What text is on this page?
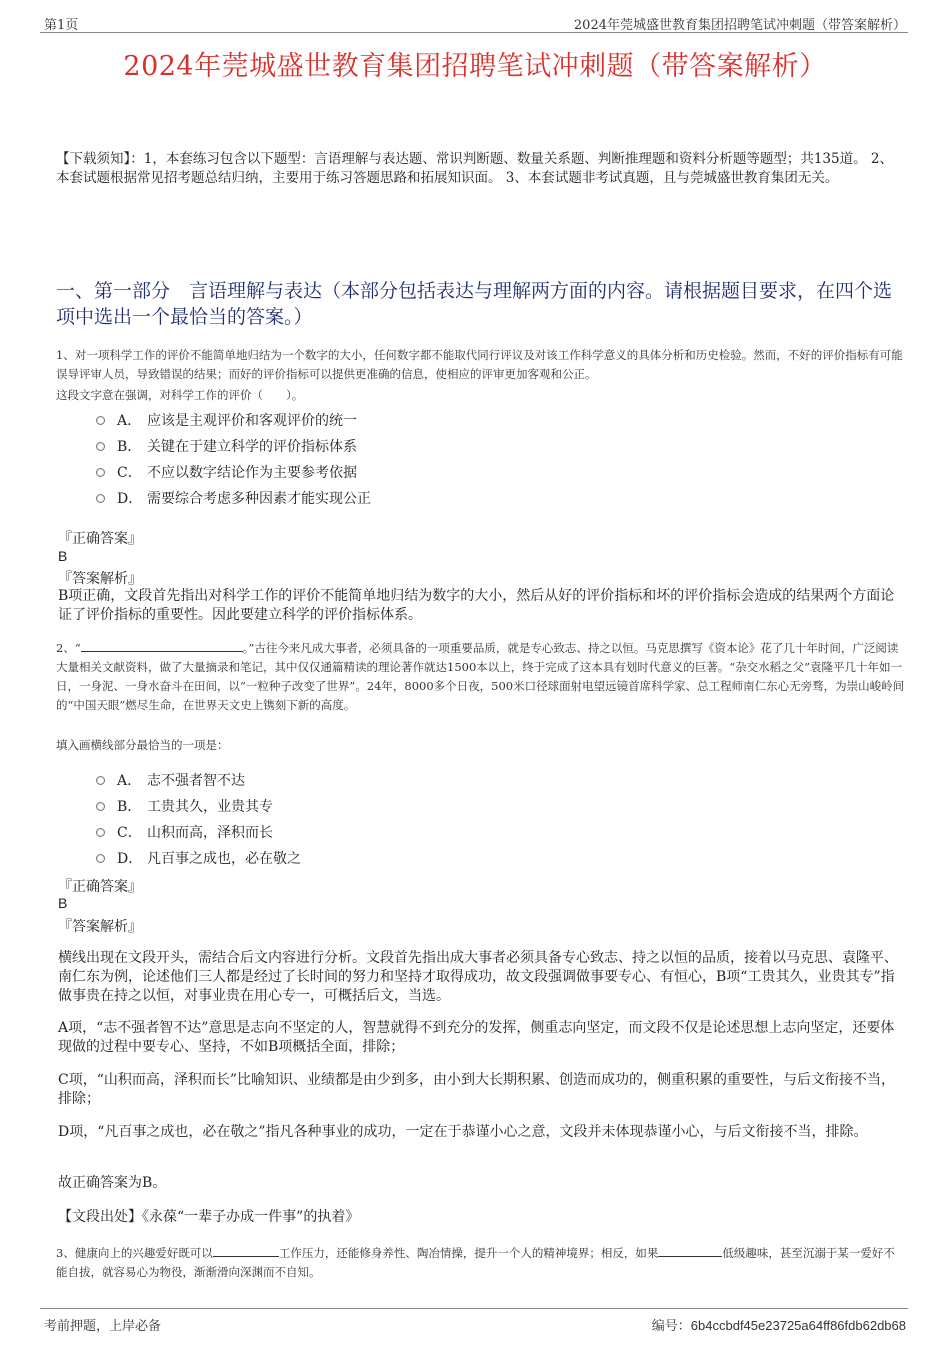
第1页	2024年莞城盛世教育集团招聘笔试冲刺题（带答案解析）
2024年莞城盛世教育集团招聘笔试冲刺题（带答案解析）
【下载须知】：1，本套练习包含以下题型：言语理解与表达题、常识判断题、数量关系题、判断推理题和资料分析题等题型；共135道。 2、本套试题根据常见招考题总结归纳，主要用于练习答题思路和拓展知识面。 3、本套试题非考试真题，且与莞城盛世教育集团无关。
一、第一部分　言语理解与表达（本部分包括表达与理解两方面的内容。请根据题目要求，在四个选项中选出一个最恰当的答案。）
1、对一项科学工作的评价不能简单地归结为一个数字的大小，任何数字都不能取代同行评议及对该工作科学意义的具体分析和历史检验。然而，不好的评价指标有可能误导评审人员，导致错误的结果；而好的评价指标可以提供更准确的信息，使相应的评审更加客观和公正。
这段文字意在强调，对科学工作的评价（　　）。
A． 应该是主观评价和客观评价的统一
B． 关键在于建立科学的评价指标体系
C． 不应以数字结论作为主要参考依据
D． 需要综合考虑多种因素才能实现公正
『正确答案』
B
『答案解析』
B项正确，文段首先指出对科学工作的评价不能简单地归结为数字的大小，然后从好的评价指标和坏的评价指标会造成的结果两个方面论证了评价指标的重要性。因此要建立科学的评价指标体系。
2、“	。”古往今来凡成大事者，必须具备的一项重要品质，就是专心致志、持之以恒。马克思撰写《资本论》花了几十年时间，广泛阅读大量相关文献资料，做了大量摘录和笔记，其中仅仅通篇精读的理论著作就达1500本以上，终于完成了这本具有划时代意义的巨著。“杂交水稻之父”袁隆平几十年如一日，一身泥、一身水奋斗在田间，以“一粒种子改变了世界”。24年，8000多个日夜，500米口径球面射电望远镜首席科学家、总工程师南仁东心无旁骛，为崇山峻岭间的“中国天眼”燃尽生命，在世界天文史上镌刻下新的高度。
填入画横线部分最恰当的一项是：
A． 志不强者智不达
B． 工贵其久，业贵其专
C． 山积而高，泽积而长
D． 凡百事之成也，必在敬之
『正确答案』
B
『答案解析』
横线出现在文段开头，需结合后文内容进行分析。文段首先指出成大事者必须具备专心致志、持之以恒的品质，接着以马克思、袁隆平、南仁东为例，论述他们三人都是经过了长时间的努力和坚持才取得成功，故文段强调做事要专心、有恒心，B项“工贵其久，业贵其专”指做事贵在持之以恒，对事业贵在用心专一，可概括后文，当选。
A项，“志不强者智不达”意思是志向不坚定的人，智慧就得不到充分的发挥，侧重志向坚定，而文段不仅是论述思想上志向坚定，还要体现做的过程中要专心、坚持，不如B项概括全面，排除；
C项，“山积而高，泽积而长”比喻知识、业绩都是由少到多，由小到大长期积累、创造而成功的，侧重积累的重要性，与后文衔接不当，排除；
D项，“凡百事之成也，必在敬之”指凡各种事业的成功，一定在于恭谨小心之意，文段并未体现恭谨小心，与后文衔接不当，排除。
故正确答案为B。
【文段出处】《永葆“一辈子办成一件事”的执着》
3、健康向上的兴趣爱好既可以	工作压力，还能修身养性、陶冶情操，提升一个人的精神境界；相反，如果	低级趣味，甚至沉溺于某一爱好不能自拔，就容易心为物役，渐渐滑向深渊而不自知。
考前押题，上岸必备	编号：6b4ccbdf45e23725a64ff86fdb62db68
